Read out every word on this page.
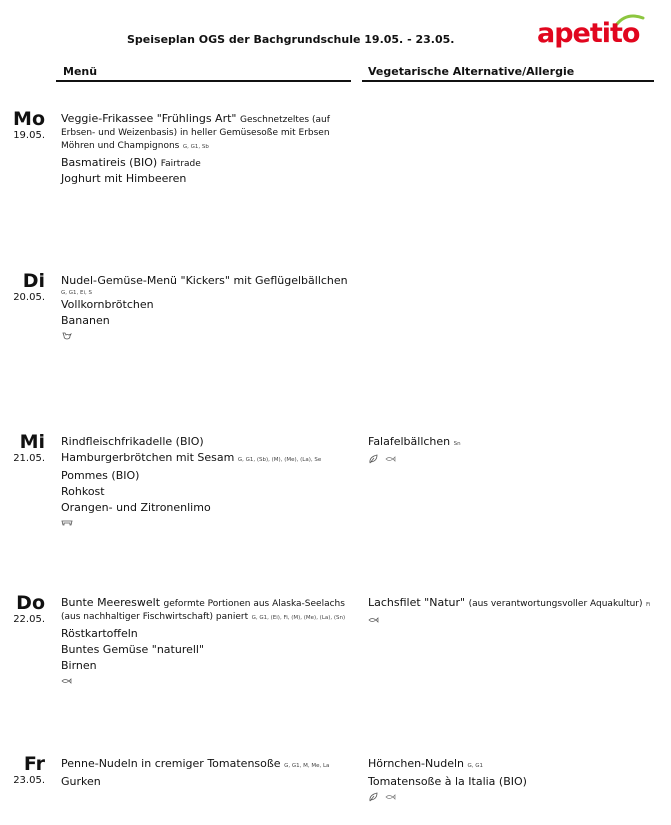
Speiseplan OGS der Bachgrundschule 19.05. - 23.05.	apetito
Menü	Vegetarische Alternative/Allergie
Mo
19.05.
Veggie-Frikassee "Frühlings Art" Geschnetzeltes (auf Erbsen- und Weizenbasis) in heller Gemüsesoße mit Erbsen Möhren und Champignons G, G1, Sb
Basmatireis (BIO) Fairtrade
Joghurt mit Himbeeren
Di
20.05.
Nudel-Gemüse-Menü "Kickers" mit Geflügelbällchen
G, G1, Ei, S
Vollkornbrötchen
Bananen
Mi
21.05.
Rindfleischfrikadelle (BIO)
Hamburgerbrötchen mit Sesam G, G1, (Sb), (M), (Me), (La), Se
Pommes (BIO)
Rohkost
Orangen- und Zitronenlimo
Falafelbällchen Sn
Do
22.05.
Bunte Meereswelt geformte Portionen aus Alaska-Seelachs (aus nachhaltiger Fischwirtschaft) paniert G, G1, (Ei), Fi, (M), (Me), (La), (Sn)
Röstkartoffeln
Buntes Gemüse "naturell"
Birnen
Lachsfilet "Natur" (aus verantwortungsvoller Aquakultur) Fi
Fr
23.05.
Penne-Nudeln in cremiger Tomatensoße G, G1, M, Me, La
Gurken
Hörnchen-Nudeln G, G1
Tomatensoße à la Italia (BIO)
